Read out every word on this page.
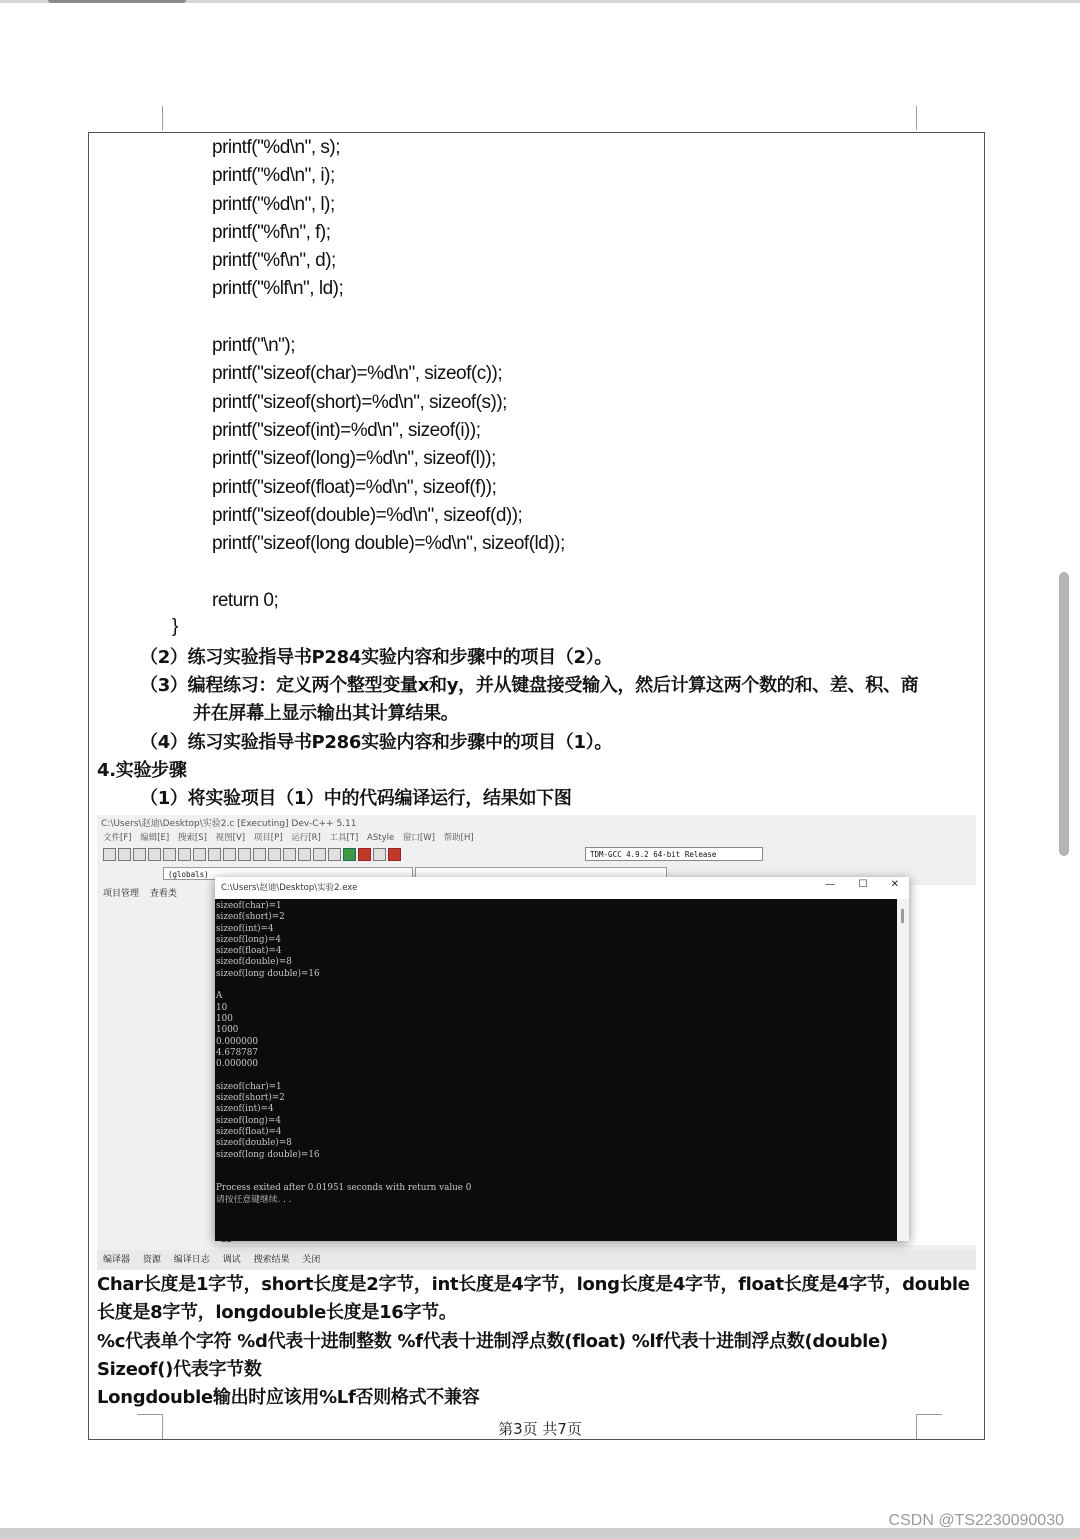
printf("%d\n", s);
printf("%d\n", i);
printf("%d\n", l);
printf("%f\n", f);
printf("%f\n", d);
printf("%lf\n", ld);

printf("\n");
printf("sizeof(char)=%d\n", sizeof(c));
printf("sizeof(short)=%d\n", sizeof(s));
printf("sizeof(int)=%d\n", sizeof(i));
printf("sizeof(long)=%d\n", sizeof(l));
printf("sizeof(float)=%d\n", sizeof(f));
printf("sizeof(double)=%d\n", sizeof(d));
printf("sizeof(long double)=%d\n", sizeof(ld));

return 0;
}
（2）练习实验指导书P284实验内容和步骤中的项目（2）。
（3）编程练习：定义两个整型变量x和y，并从键盘接受输入，然后计算这两个数的和、差、积、商
并在屏幕上显示输出其计算结果。
（4）练习实验指导书P286实验内容和步骤中的项目（1）。
4.实验步骤
（1）将实验项目（1）中的代码编译运行，结果如下图
C:\Users\赵迪\Desktop\实验2.c [Executing] Dev-C++ 5.11
文件[F] 编辑[E] 搜索[S] 视图[V] 项目[P] 运行[R] 工具[T] AStyle 窗口[W] 帮助[H]
TDM-GCC 4.9.2 64-bit Release
(globals)
项目管理 查看类
编译器 资源 编译日志 调试 搜索结果 关闭
C:\Users\赵迪\Desktop\实验2.exe	— ☐ ✕
sizeof(char)=1
sizeof(short)=2
sizeof(int)=4
sizeof(long)=4
sizeof(float)=4
sizeof(double)=8
sizeof(long double)=16

A
10
100
1000
0.000000
4.678787
0.000000

sizeof(char)=1
sizeof(short)=2
sizeof(int)=4
sizeof(long)=4
sizeof(float)=4
sizeof(double)=8
sizeof(long double)=16

Process exited after 0.01951 seconds with return value 0
请按任意键继续. . .
Char长度是1字节，short长度是2字节，int长度是4字节，long长度是4字节，float长度是4字节，double
长度是8字节，longdouble长度是16字节。
%c代表单个字符 %d代表十进制整数 %f代表十进制浮点数(float) %lf代表十进制浮点数(double)
Sizeof()代表字节数
Longdouble输出时应该用%Lf否则格式不兼容
第3页 共7页
CSDN @TS2230090030
